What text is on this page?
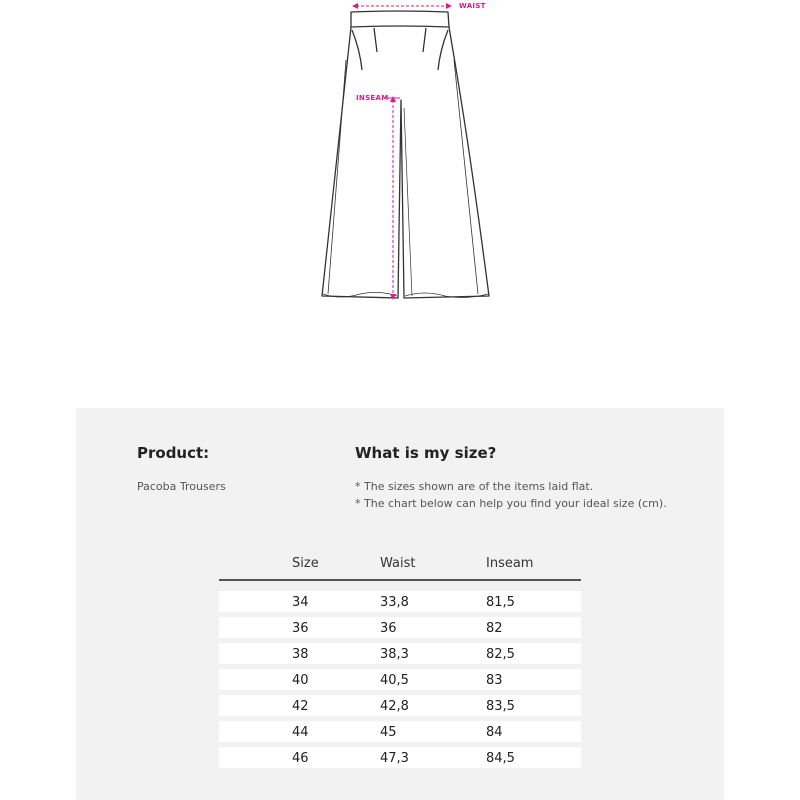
WAIST
INSEAM
Product:
Pacoba Trousers
What is my size?
* The sizes shown are of the items laid flat.
* The chart below can help you find your ideal size (cm).
Size	Waist	Inseam
34	33,8	81,5
36	36	82
38	38,3	82,5
40	40,5	83
42	42,8	83,5
44	45	84
46	47,3	84,5
